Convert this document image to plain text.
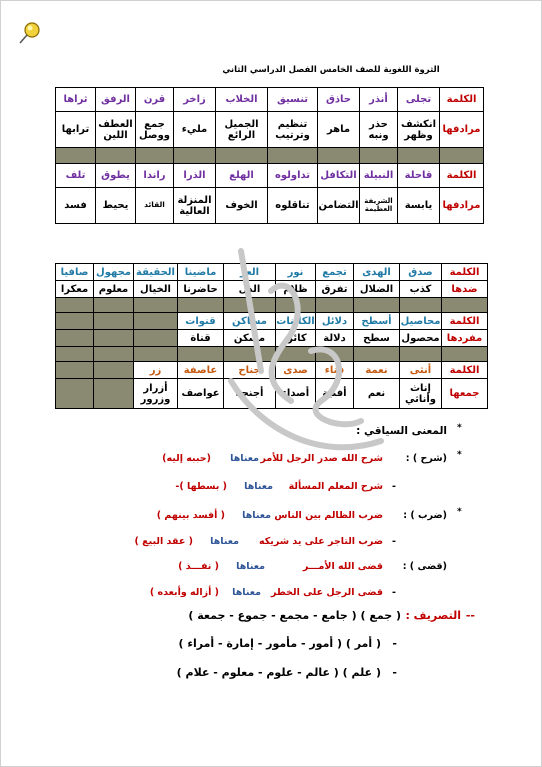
الثروة اللغوية للصف الخامس الفصل الدراسي الثاني
الكلمة	تجلى	أنذر	حاذق	تنسيق	الخلاب	زاخر	قرن	الرفق	ثراها
مرادفها	انكشف وظهر	حذر ونبه	ماهر	تنظيم وترتيب	الجميل الرائع	مليء	جمع ووصل	العطف اللين	ترابها

الكلمة	قاحلة	النبيلة	التكافل	تداولوه	الهلع	الذرا	راندا	يطوق	تلف
مرادفها	يابسة	الشريفة العظيمة	التضامن	تناقلوه	الخوف	المنزلة العالية	القائد	يحيط	فسد
الكلمة	صدق	الهدى	تجمع	نور	العز	ماضينا	الحقيقة	مجهول	صافيا
ضدها	كذب	الضلال	تفرق	ظلام	الذل	حاضرنا	الخيال	معلوم	معكرا

الكلمة	محاصيل	أسطح	دلائل	الكائنات	مساكن	قنوات			
مفردها	محصول	سطح	دلالة	كائن	مسكن	قناة			

الكلمة	أنثى	نعمة	فناء	صدى	جناح	عاصفة	زر		
جمعها	إناث وأناثي	نعم	أفنية	أصداء	أجنحة	عواصف	أزرار وزرور		
*
المعنى السياقي :
*
(شرح ) :
شرح الله صدر الرجل للأمر
معناها
(حببه إليه)
-
شرح المعلم المسألة
معناها
( بسطها )-
*
(ضرب ) :
ضرب الظالم بين الناس
معناها
( أفسد بينهم )
-
ضرب التاجر على يد شريكه
معناها
( عقد البيع )
(قضى ) :
قضى الله الأمـــر
معناها
( نفـــذ )
-
قضى الرجل على الخطر
معناها
( أزاله وأبعده )
التصريف : --
( جمع ) ( جامع - مجمع - جموع - جمعة )
-
( أمر ) ( أمور - مأمور - إمارة - أمراء )
-
( علم ) ( عالم - علوم - معلوم - علام )
